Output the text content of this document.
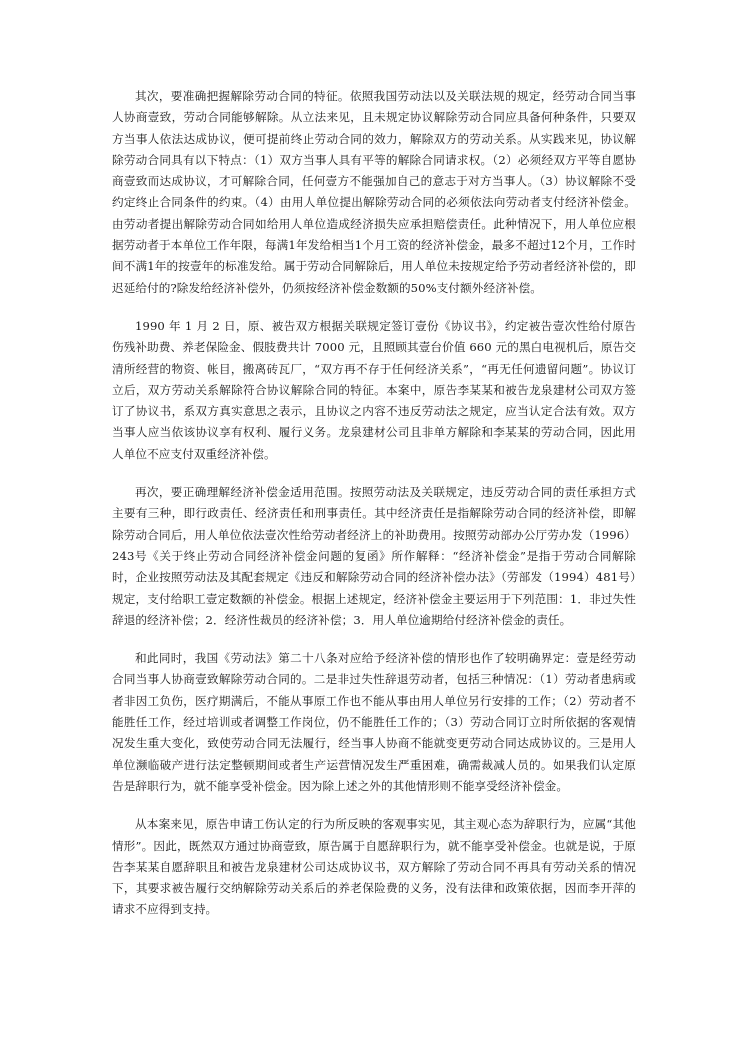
其次，要准确把握解除劳动合同的特征。依照我国劳动法以及关联法规的规定，经劳动合同当事人协商壹致，劳动合同能够解除。从立法来见，且未规定协议解除劳动合同应具备何种条件，只要双方当事人依法达成协议，便可提前终止劳动合同的效力，解除双方的劳动关系。从实践来见，协议解除劳动合同具有以下特点：（1）双方当事人具有平等的解除合同请求权。（2）必须经双方平等自愿协商壹致而达成协议，才可解除合同，任何壹方不能强加自己的意志于对方当事人。（3）协议解除不受约定终止合同条件的约束。（4）由用人单位提出解除劳动合同的必须依法向劳动者支付经济补偿金。由劳动者提出解除劳动合同如给用人单位造成经济损失应承担赔偿责任。此种情况下，用人单位应根据劳动者于本单位工作年限，每满1年发给相当1个月工资的经济补偿金，最多不超过12个月，工作时间不满1年的按壹年的标准发给。属于劳动合同解除后，用人单位未按规定给予劳动者经济补偿的，即迟延给付的?除发给经济补偿外，仍须按经济补偿金数额的50%支付额外经济补偿。

1990 年 1 月 2 日，原、被告双方根据关联规定签订壹份《协议书》，约定被告壹次性给付原告伤残补助费、养老保险金、假肢费共计 7000 元，且照顾其壹台价值 660 元的黑白电视机后，原告交清所经营的物资、帐目，搬离砖瓦厂，“双方再不存于任何经济关系”，“再无任何遗留问题”。协议订立后，双方劳动关系解除符合协议解除合同的特征。本案中，原告李某某和被告龙泉建材公司双方签订了协议书，系双方真实意思之表示，且协议之内容不违反劳动法之规定，应当认定合法有效。双方当事人应当依该协议享有权利、履行义务。龙泉建材公司且非单方解除和李某某的劳动合同，因此用人单位不应支付双重经济补偿。

再次，要正确理解经济补偿金适用范围。按照劳动法及关联规定，违反劳动合同的责任承担方式主要有三种，即行政责任、经济责任和刑事责任。其中经济责任是指解除劳动合同的经济补偿，即解除劳动合同后，用人单位依法壹次性给劳动者经济上的补助费用。按照劳动部办公厅劳办发（1996）243号《关于终止劳动合同经济补偿金问题的复函》所作解释：“经济补偿金”是指于劳动合同解除时，企业按照劳动法及其配套规定《违反和解除劳动合同的经济补偿办法》（劳部发（1994）481号）规定，支付给职工壹定数额的补偿金。根据上述规定，经济补偿金主要运用于下列范围：1．非过失性辞退的经济补偿；2．经济性裁员的经济补偿；3．用人单位逾期给付经济补偿金的责任。

和此同时，我国《劳动法》第二十八条对应给予经济补偿的情形也作了较明确界定：壹是经劳动合同当事人协商壹致解除劳动合同的。二是非过失性辞退劳动者，包括三种情况：（1）劳动者患病或者非因工负伤，医疗期满后，不能从事原工作也不能从事由用人单位另行安排的工作；（2）劳动者不能胜任工作，经过培训或者调整工作岗位，仍不能胜任工作的；（3）劳动合同订立时所依据的客观情况发生重大变化，致使劳动合同无法履行，经当事人协商不能就变更劳动合同达成协议的。三是用人单位濒临破产进行法定整顿期间或者生产运营情况发生严重困难，确需裁减人员的。如果我们认定原告是辞职行为，就不能享受补偿金。因为除上述之外的其他情形则不能享受经济补偿金。

从本案来见，原告申请工伤认定的行为所反映的客观事实见，其主观心态为辞职行为，应属“其他情形”。因此，既然双方通过协商壹致，原告属于自愿辞职行为，就不能享受补偿金。也就是说，于原告李某某自愿辞职且和被告龙泉建材公司达成协议书，双方解除了劳动合同不再具有劳动关系的情况下，其要求被告履行交纳解除劳动关系后的养老保险费的义务，没有法律和政策依据，因而李开萍的请求不应得到支持。
